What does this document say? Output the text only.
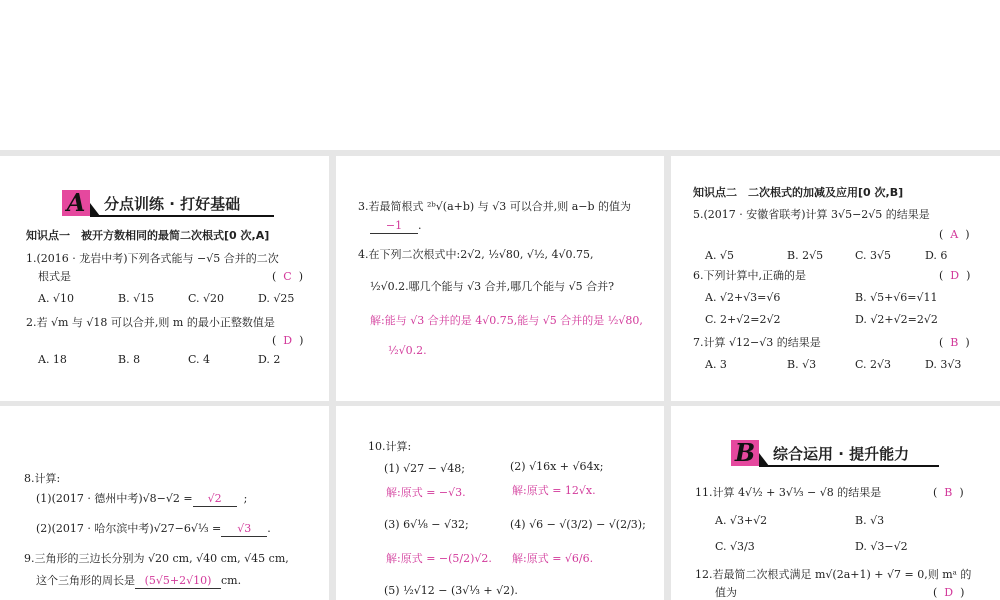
A	分点训练 · 打好基础
知识点一　被开方数相同的最简二次根式[0 次,A]
1.(2016 · 龙岩中考)下列各式能与 −√5 合并的二次
根式是	( C )
A. √10	B. √15	C. √20	D. √25
2.若 √m 与 √18 可以合并,则 m 的最小正整数值是
( D )
A. 18	B. 8	C. 4	D. 2
3.若最简根式 ²ᵇ√(a+b) 与 √3 可以合并,则 a−b 的值为
−1 .
4.在下列二次根式中:2√2, ½√80, √½, 4√0.75,
½√0.2.哪几个能与 √3 合并,哪几个能与 √5 合并?
解:能与 √3 合并的是 4√0.75,能与 √5 合并的是 ½√80,
½√0.2.
知识点二　二次根式的加减及应用[0 次,B]
5.(2017 · 安徽省联考)计算 3√5−2√5 的结果是
( A )
A. √5	B. 2√5	C. 3√5	D. 6
6.下列计算中,正确的是	( D )
A. √2+√3=√6	B. √5+√6=√11
C. 2+√2=2√2	D. √2+√2=2√2
7.计算 √12−√3 的结果是	( B )
A. 3	B. √3	C. 2√3	D. 3√3
8.计算:
(1)(2017 · 德州中考)√8−√2 = √2 ;
(2)(2017 · 哈尔滨中考)√27−6√⅓ = √3 .
9.三角形的三边长分别为 √20 cm, √40 cm, √45 cm,
这个三角形的周长是 (5√5+2√10) cm.
10.计算:
(1) √27 − √48;	(2) √16x + √64x;
解:原式 = −√3.	解:原式 = 12√x.
(3) 6√⅛ − √32;	(4) √6 − √(3/2) − √(2/3);
解:原式 = −(5/2)√2. 解:原式 = √6/6.
(5) ½√12 − (3√⅓ + √2).
B 综合运用 · 提升能力
11.计算 4√½ + 3√⅓ − √8 的结果是	( B )
A. √3+√2	B. √3
C. √3/3	D. √3−√2
12.若最简二次根式满足 m√(2a+1) + √7 = 0,则 mᵃ 的
值为	( D )
